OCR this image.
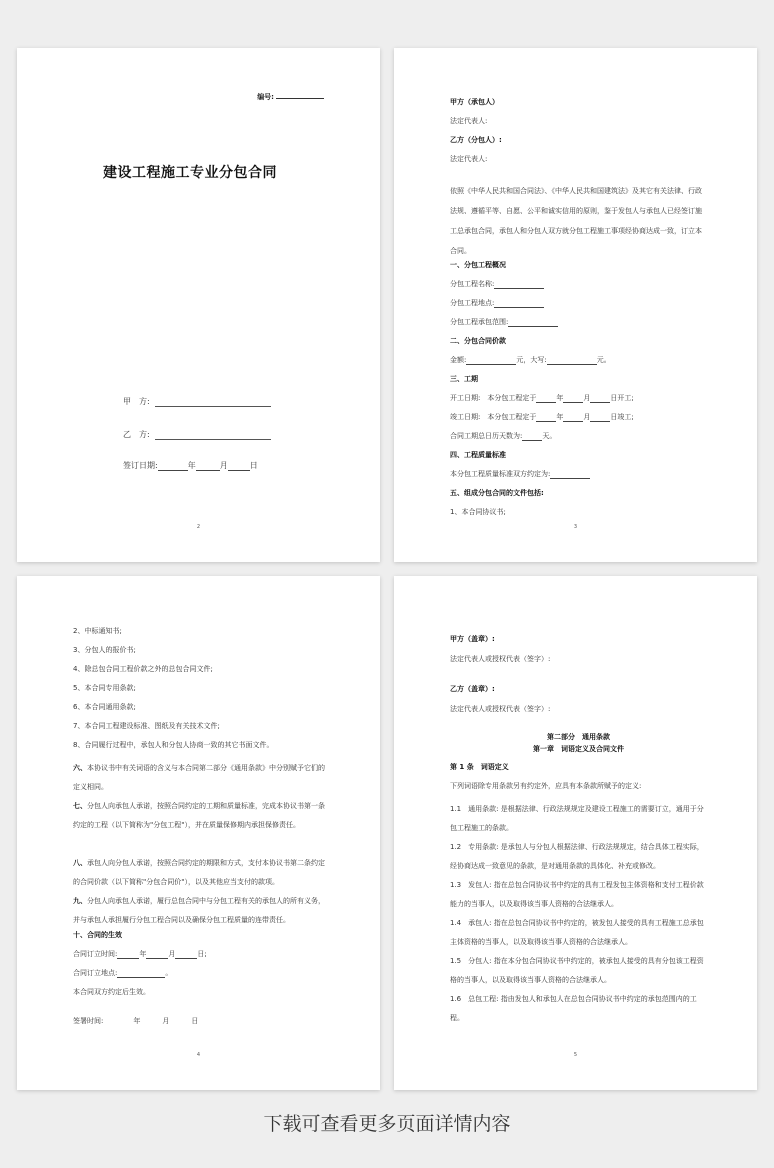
编号:
建设工程施工专业分包合同
甲　方:
乙　方:
签订日期:	年	月	日
2
甲方（承包人）
法定代表人:
乙方（分包人）:
法定代表人:

依照《中华人民共和国合同法》、《中华人民共和国建筑法》及其它有关法律、行政法规、遵循平等、自愿、公平和诚实信用的原则，鉴于发包人与承包人已经签订施工总承包合同，承包人和分包人双方就分包工程施工事项经协商达成一致，订立本合同。

一、分包工程概况
分包工程名称:
分包工程地点:
分包工程承包范围:
二、分包合同价款
金额:	元，大写:	元。
三、工期
开工日期:　本分包工程定于	年	月	日开工;
竣工日期:　本分包工程定于	年	月	日竣工;
合同工期总日历天数为:	天。
四、工程质量标准
本分包工程质量标准双方约定为:
五、组成分包合同的文件包括:
1、本合同协议书;
3
2、中标通知书;
3、分包人的报价书;
4、除总包合同工程价款之外的总包合同文件;
5、本合同专用条款;
6、本合同通用条款;
7、本合同工程建设标准、图纸及有关技术文件;
8、合同履行过程中，承包人和分包人协商一致的其它书面文件。

六、本协议书中有关词语的含义与本合同第二部分《通用条款》中分别赋予它们的定义相同。

七、分包人向承包人承诺，按照合同约定的工期和质量标准，完成本协议书第一条约定的工程（以下简称为"分包工程"），并在质量保修期内承担保修责任。

八、承包人向分包人承诺，按照合同约定的期限和方式，支付本协议书第二条约定的合同价款（以下简称"分包合同价"），以及其他应当支付的款项。

九、分包人向承包人承诺，履行总包合同中与分包工程有关的承包人的所有义务，并与承包人承担履行分包工程合同以及确保分包工程质量的连带责任。

十、合同的生效
合同订立时间:	年	月	日;
合同订立地点:	。
本合同双方约定后生效。
签署时间:	年	月	日
4
甲方（盖章）:
法定代表人或授权代表（签字）:
乙方（盖章）:
法定代表人或授权代表（签字）:
第二部分　通用条款
第一章　词语定义及合同文件
第 1 条　词语定义
下列词语除专用条款另有约定外，应具有本条款所赋予的定义:

1.1　通用条款: 是根据法律、行政法规规定及建设工程施工的需要订立，通用于分包工程施工的条款。

1.2　专用条款: 是承包人与分包人根据法律、行政法规规定，结合具体工程实际，经协商达成一致意见的条款，是对通用条款的具体化、补充或修改。

1.3　发包人: 指在总包合同协议书中约定的具有工程发包主体资格和支付工程价款能力的当事人，以及取得该当事人资格的合法继承人。

1.4　承包人: 指在总包合同协议书中约定的，被发包人接受的具有工程施工总承包主体资格的当事人，以及取得该当事人资格的合法继承人。

1.5　分包人: 指在本分包合同协议书中约定的，被承包人接受的具有分包该工程资格的当事人，以及取得该当事人资格的合法继承人。

1.6　总包工程: 指由发包人和承包人在总包合同协议书中约定的承包范围内的工程。

5
下载可查看更多页面详情内容
